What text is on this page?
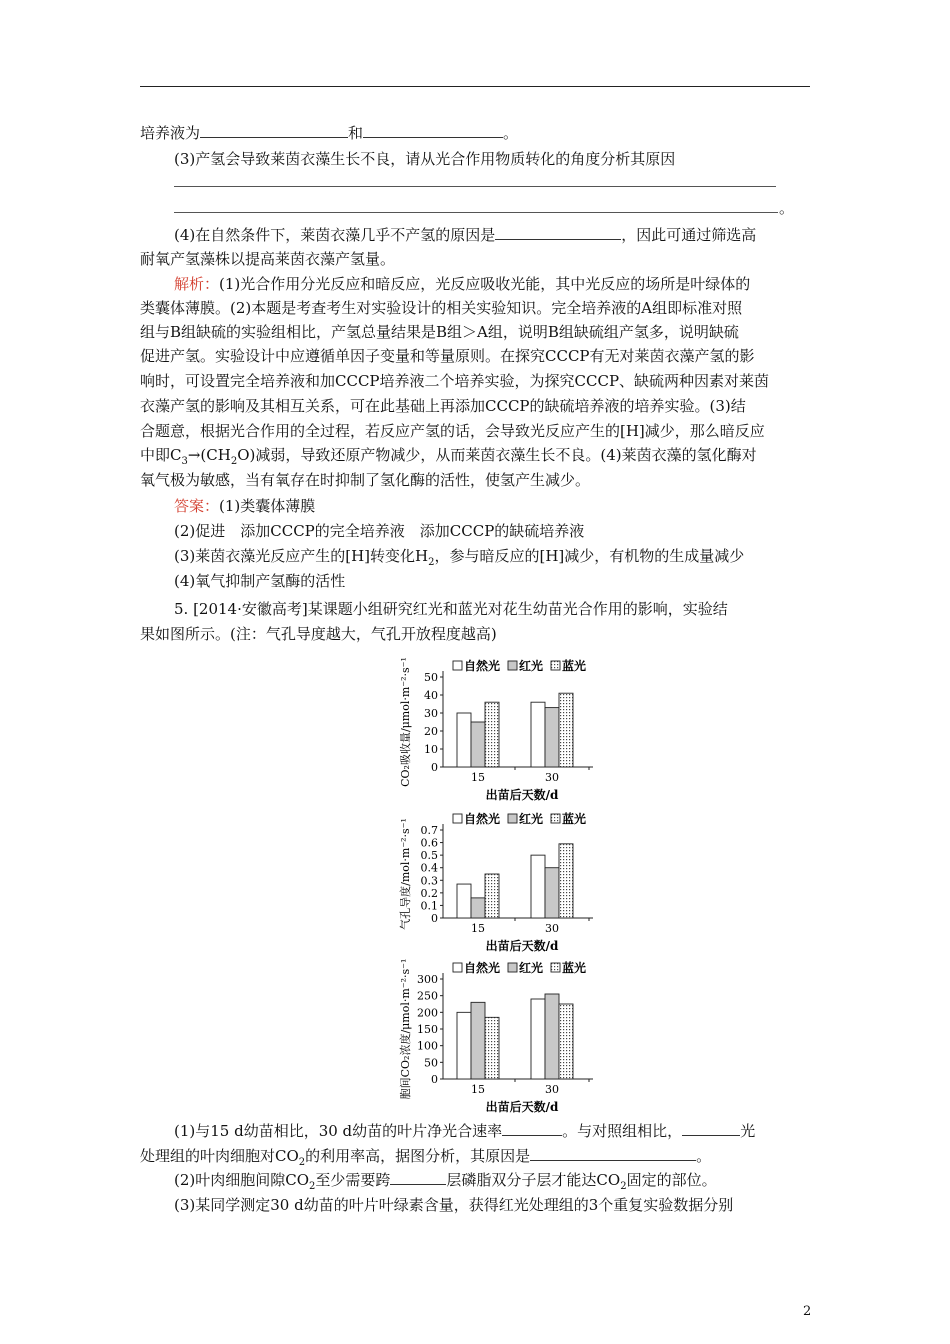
培养液为	和	。
(3)产氢会导致莱茵衣藻生长不良，请从光合作用物质转化的角度分析其原因
。
(4)在自然条件下，莱茵衣藻几乎不产氢的原因是	，因此可通过筛选高
耐氧产氢藻株以提高莱茵衣藻产氢量。
解析：(1)光合作用分光反应和暗反应，光反应吸收光能，其中光反应的场所是叶绿体的
类囊体薄膜。(2)本题是考查考生对实验设计的相关实验知识。完全培养液的A组即标准对照
组与B组缺硫的实验组相比，产氢总量结果是B组＞A组，说明B组缺硫组产氢多，说明缺硫
促进产氢。实验设计中应遵循单因子变量和等量原则。在探究CCCP有无对莱茵衣藻产氢的影
响时，可设置完全培养液和加CCCP培养液二个培养实验，为探究CCCP、缺硫两种因素对莱茵
衣藻产氢的影响及其相互关系，可在此基础上再添加CCCP的缺硫培养液的培养实验。(3)结
合题意，根据光合作用的全过程，若反应产氢的话，会导致光反应产生的[H]减少，那么暗反应
中即$C_3\to(CH_2O)$减弱，导致还原产物减少，从而莱茵衣藻生长不良。(4)莱茵衣藻的氢化酶对
氧气极为敏感，当有氧存在时抑制了氢化酶的活性，使氢产生减少。
答案：(1)类囊体薄膜
(2)促进　添加CCCP的完全培养液　添加CCCP的缺硫培养液
(3)莱茵衣藻光反应产生的[H]转变化$H_2$，参与暗反应的[H]减少，有机物的生成量减少
(4)氧气抑制产氢酶的活性
5. [2014·安徽高考]某课题小组研究红光和蓝光对花生幼苗光合作用的影响，实验结
果如图所示。(注：气孔导度越大，气孔开放程度越高)
CO₂吸收量/μmol·m⁻²·s⁻¹ 0
10
20
30
40
50
15	30
出苗后天数/d
自然光 红光 蓝光
气孔导度/mol·m⁻²·s⁻¹ 0
0.1
0.2
0.3
0.4
0.5
0.6
0.7
15	30
出苗后天数/d
自然光 红光 蓝光
胞间CO₂浓度/μmol·m⁻²·s⁻¹ 0
50
100
150
200
250
300
15	30
出苗后天数/d
自然光 红光 蓝光
(1)与15 d幼苗相比，30 d幼苗的叶片净光合速率	。与对照组相比，	光
处理组的叶肉细胞对$CO_2$的利用率高，据图分析，其原因是	。
(2)叶肉细胞间隙$CO_2$至少需要跨	层磷脂双分子层才能达$CO_2$固定的部位。
(3)某同学测定30 d幼苗的叶片叶绿素含量，获得红光处理组的3个重复实验数据分别
2
